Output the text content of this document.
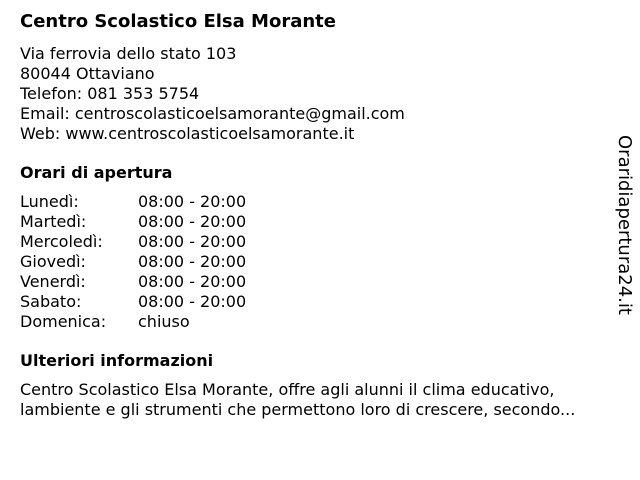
Centro Scolastico Elsa Morante
Via ferrovia dello stato 103
80044 Ottaviano
Telefon: 081 353 5754
Email: centroscolasticoelsamorante@gmail.com
Web: www.centroscolasticoelsamorante.it
Orari di apertura
Lunedì:	08:00 - 20:00
Martedì:	08:00 - 20:00
Mercoledì:	08:00 - 20:00
Giovedì:	08:00 - 20:00
Venerdì:	08:00 - 20:00
Sabato:	08:00 - 20:00
Domenica:	chiuso
Ulteriori informazioni
Centro Scolastico Elsa Morante, offre agli alunni il clima educativo,
lambiente e gli strumenti che permettono loro di crescere, secondo...
Oraridiapertura24.it
